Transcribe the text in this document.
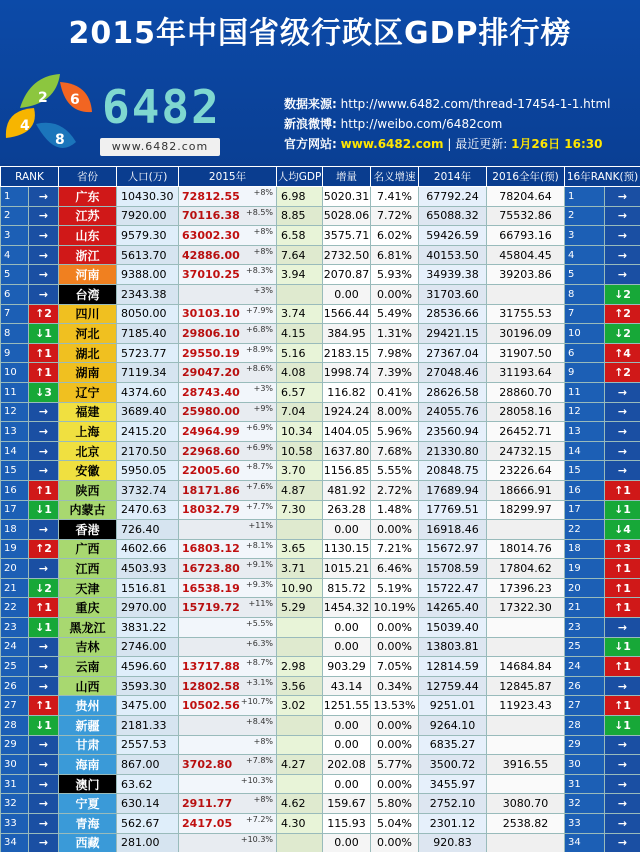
2015年中国省级行政区GDP排行榜
2 6
4
8
6482
www.6482.com
数据来源: http://www.6482.com/thread-17454-1-1.html
新浪微博: http://weibo.com/6482com
官方网站: www.6482.com | 最近更新: 1月26日 16:30
RANK		省份	人口(万)	2015年	人均GDP	增量	名义增速	2014年	2016全年(预)	16年RANK(预)	
1	→	广东	10430.30	72812.55 +8%	6.98	5020.31	7.41%	67792.24	78204.64	1	→
2	→	江苏	7920.00	70116.38 +8.5%	8.85	5028.06	7.72%	65088.32	75532.86	2	→
3	→	山东	9579.30	63002.30 +8%	6.58	3575.71	6.02%	59426.59	66793.16	3	→
4	→	浙江	5613.70	42886.00 +8%	7.64	2732.50	6.81%	40153.50	45804.45	4	→
5	→	河南	9388.00	37010.25 +8.3%	3.94	2070.87	5.93%	34939.38	39203.86	5	→
6	→	台湾	2343.38	+3%		0.00	0.00%	31703.60		8	↓2
7	↑2	四川	8050.00	30103.10 +7.9%	3.74	1566.44	5.49%	28536.66	31755.53	7	↑2
8	↓1	河北	7185.40	29806.10 +6.8%	4.15	384.95	1.31%	29421.15	30196.09	10	↓2
9	↑1	湖北	5723.77	29550.19 +8.9%	5.16	2183.15	7.98%	27367.04	31907.50	6	↑4
10	↑1	湖南	7119.34	29047.20 +8.6%	4.08	1998.74	7.39%	27048.46	31193.64	9	↑2
11	↓3	辽宁	4374.60	28743.40 +3%	6.57	116.82	0.41%	28626.58	28860.70	11	→
12	→	福建	3689.40	25980.00 +9%	7.04	1924.24	8.00%	24055.76	28058.16	12	→
13	→	上海	2415.20	24964.99 +6.9%	10.34	1404.05	5.96%	23560.94	26452.71	13	→
14	→	北京	2170.50	22968.60 +6.9%	10.58	1637.80	7.68%	21330.80	24732.15	14	→
15	→	安徽	5950.05	22005.60 +8.7%	3.70	1156.85	5.55%	20848.75	23226.64	15	→
16	↑1	陕西	3732.74	18171.86 +7.6%	4.87	481.92	2.72%	17689.94	18666.91	16	↑1
17	↓1	内蒙古	2470.63	18032.79 +7.7%	7.30	263.28	1.48%	17769.51	18299.97	17	↓1
18	→	香港	726.40	+11%		0.00	0.00%	16918.46		22	↓4
19	↑2	广西	4602.66	16803.12 +8.1%	3.65	1130.15	7.21%	15672.97	18014.76	18	↑3
20	→	江西	4503.93	16723.80 +9.1%	3.71	1015.21	6.46%	15708.59	17804.62	19	↑1
21	↓2	天津	1516.81	16538.19 +9.3%	10.90	815.72	5.19%	15722.47	17396.23	20	↑1
22	↑1	重庆	2970.00	15719.72 +11%	5.29	1454.32	10.19%	14265.40	17322.30	21	↑1
23	↓1	黑龙江	3831.22	+5.5%		0.00	0.00%	15039.40		23	→
24	→	吉林	2746.00	+6.3%		0.00	0.00%	13803.81		25	↓1
25	→	云南	4596.60	13717.88 +8.7%	2.98	903.29	7.05%	12814.59	14684.84	24	↑1
26	→	山西	3593.30	12802.58 +3.1%	3.56	43.14	0.34%	12759.44	12845.87	26	→
27	↑1	贵州	3475.00	10502.56 +10.7%	3.02	1251.55	13.53%	9251.01	11923.43	27	↑1
28	↓1	新疆	2181.33	+8.4%		0.00	0.00%	9264.10		28	↓1
29	→	甘肃	2557.53	+8%		0.00	0.00%	6835.27		29	→
30	→	海南	867.00	3702.80 +7.8%	4.27	202.08	5.77%	3500.72	3916.55	30	→
31	→	澳门	63.62	+10.3%		0.00	0.00%	3455.97		31	→
32	→	宁夏	630.14	2911.77 +8%	4.62	159.67	5.80%	2752.10	3080.70	32	→
33	→	青海	562.67	2417.05 +7.2%	4.30	115.93	5.04%	2301.12	2538.82	33	→
34	→	西藏	281.00	+10.3%		0.00	0.00%	920.83		34	→
